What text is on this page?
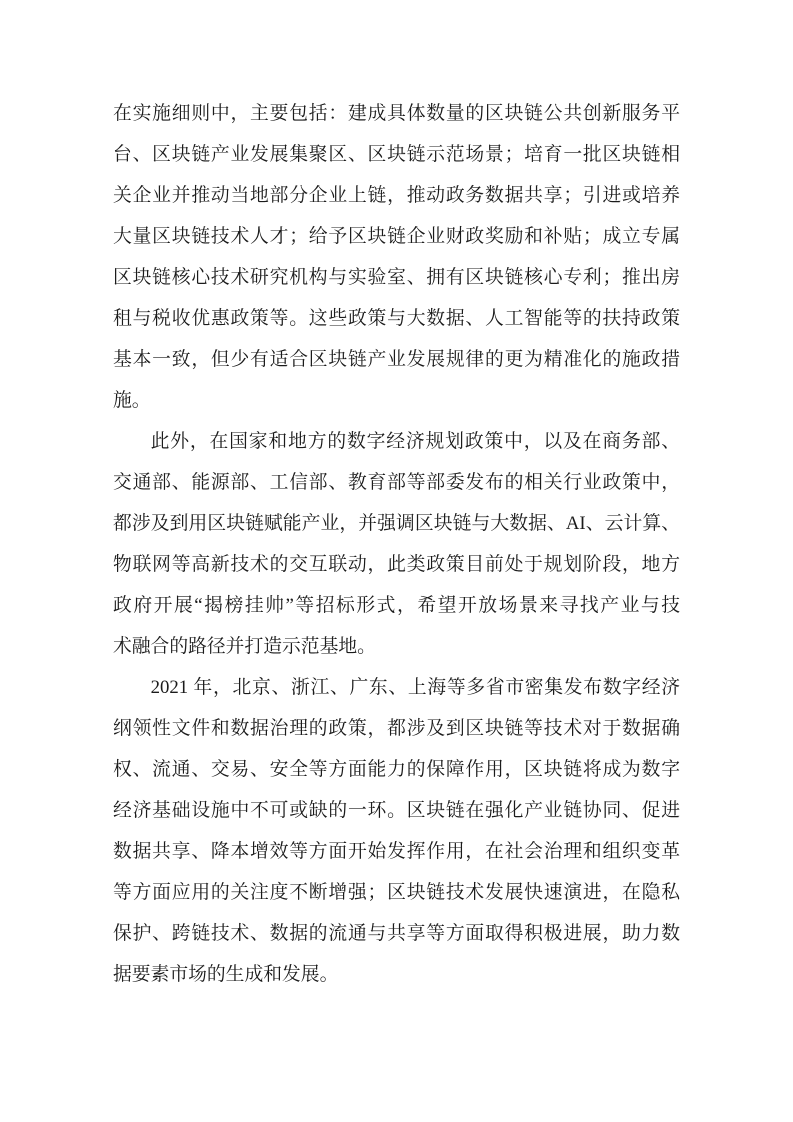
在实施细则中，主要包括：建成具体数量的区块链公共创新服务平
台、区块链产业发展集聚区、区块链示范场景；培育一批区块链相
关企业并推动当地部分企业上链，推动政务数据共享；引进或培养
大量区块链技术人才；给予区块链企业财政奖励和补贴；成立专属
区块链核心技术研究机构与实验室、拥有区块链核心专利；推出房
租与税收优惠政策等。这些政策与大数据、人工智能等的扶持政策
基本一致，但少有适合区块链产业发展规律的更为精准化的施政措
施。
此外，在国家和地方的数字经济规划政策中，以及在商务部、
交通部、能源部、工信部、教育部等部委发布的相关行业政策中，
都涉及到用区块链赋能产业，并强调区块链与大数据、AI、云计算、
物联网等高新技术的交互联动，此类政策目前处于规划阶段，地方
政府开展“揭榜挂帅”等招标形式，希望开放场景来寻找产业与技
术融合的路径并打造示范基地。
2021 年，北京、浙江、广东、上海等多省市密集发布数字经济
纲领性文件和数据治理的政策，都涉及到区块链等技术对于数据确
权、流通、交易、安全等方面能力的保障作用，区块链将成为数字
经济基础设施中不可或缺的一环。区块链在强化产业链协同、促进
数据共享、降本增效等方面开始发挥作用，在社会治理和组织变革
等方面应用的关注度不断增强；区块链技术发展快速演进，在隐私
保护、跨链技术、数据的流通与共享等方面取得积极进展，助力数
据要素市场的生成和发展。
